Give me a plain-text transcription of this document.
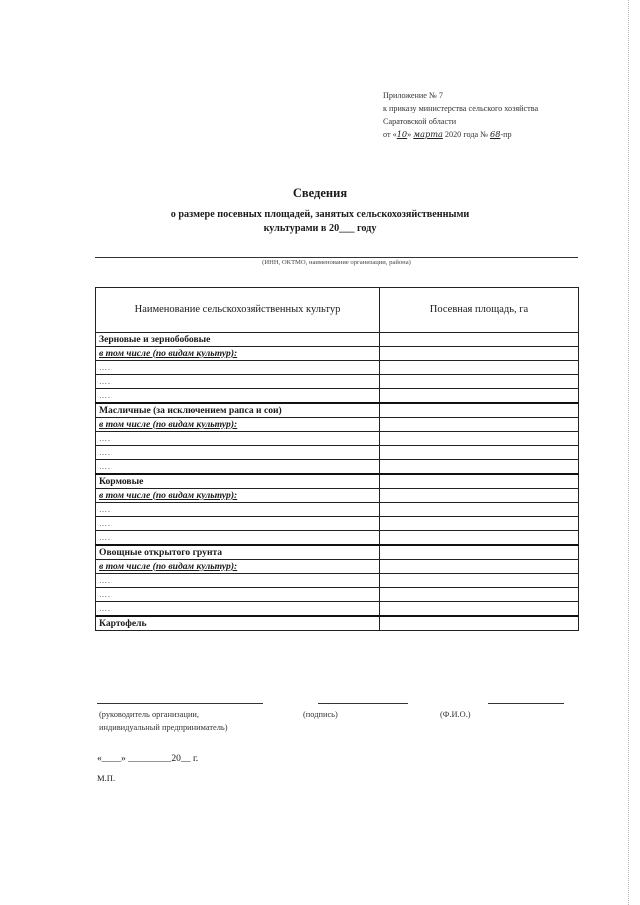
Приложение № 7
к приказу министерства сельского хозяйства
Саратовской области
от «10» марта 2020 года № 68-пр
Сведения
о размере посевных площадей, занятых сельскохозяйственными
культурами в 20___ году
(ИНН, ОКТМО, наименование организации, района)
Наименование сельскохозяйственных культур	Посевная площадь, га
Зерновые и зернобобовые	
в том числе (по видам культур):	
….	
….	
….	
Масличные (за исключением рапса и сои)	
в том числе (по видам культур):	
….	
….	
….	
Кормовые	
в том числе (по видам культур):	
….	
….	
….	
Овощные открытого грунта	
в том числе (по видам культур):	
….	
….	
….	
Картофель	
(руководитель организации,
индивидуальный предприниматель)
(подпись)	(Ф.И.О.)
«____» _________20__ г.
М.П.
